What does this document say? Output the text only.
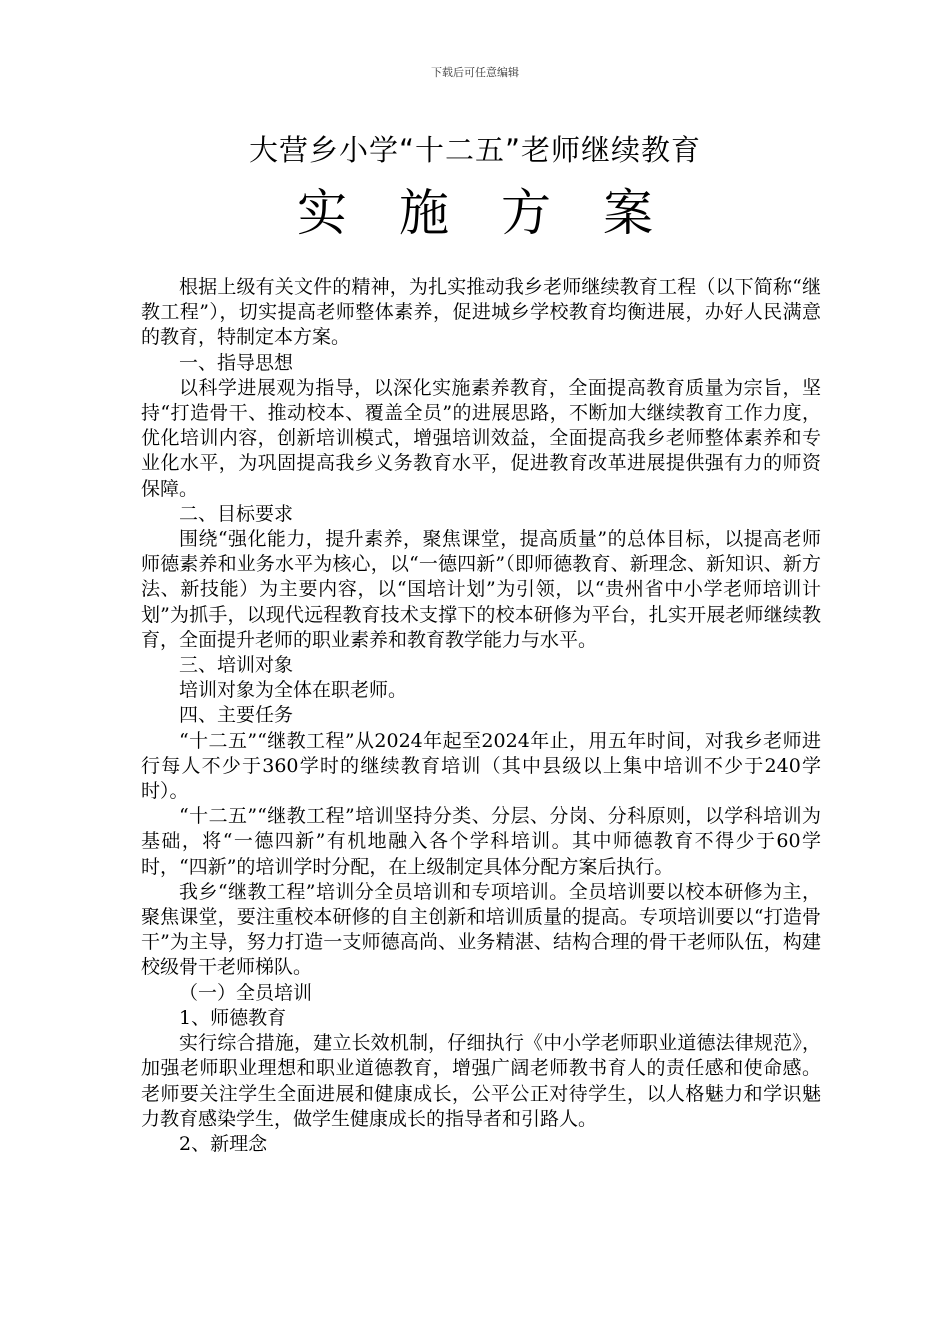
下载后可任意编辑
大营乡小学“十二五”老师继续教育
实施方案

根据上级有关文件的精神，为扎实推动我乡老师继续教育工程（以下简称“继教工程”），切实提高老师整体素养，促进城乡学校教育均衡进展，办好人民满意的教育，特制定本方案。

一、指导思想

以科学进展观为指导，以深化实施素养教育，全面提高教育质量为宗旨，坚持“打造骨干、推动校本、覆盖全员”的进展思路，不断加大继续教育工作力度，优化培训内容，创新培训模式，增强培训效益，全面提高我乡老师整体素养和专业化水平，为巩固提高我乡义务教育水平，促进教育改革进展提供强有力的师资保障。

二、目标要求

围绕“强化能力，提升素养，聚焦课堂，提高质量”的总体目标，以提高老师师德素养和业务水平为核心，以“一德四新”（即师德教育、新理念、新知识、新方法、新技能）为主要内容，以“国培计划”为引领，以“贵州省中小学老师培训计划”为抓手，以现代远程教育技术支撑下的校本研修为平台，扎实开展老师继续教育，全面提升老师的职业素养和教育教学能力与水平。

三、培训对象

培训对象为全体在职老师。

四、主要任务

“十二五”“继教工程”从2024年起至2024年止，用五年时间，对我乡老师进行每人不少于360学时的继续教育培训（其中县级以上集中培训不少于240学时）。

“十二五”“继教工程”培训坚持分类、分层、分岗、分科原则，以学科培训为基础，将“一德四新”有机地融入各个学科培训。其中师德教育不得少于60学时，“四新”的培训学时分配，在上级制定具体分配方案后执行。

我乡“继教工程”培训分全员培训和专项培训。全员培训要以校本研修为主，聚焦课堂，要注重校本研修的自主创新和培训质量的提高。专项培训要以“打造骨干”为主导，努力打造一支师德高尚、业务精湛、结构合理的骨干老师队伍，构建校级骨干老师梯队。

（一）全员培训

1、师德教育

实行综合措施，建立长效机制，仔细执行《中小学老师职业道德法律规范》，加强老师职业理想和职业道德教育，增强广阔老师教书育人的责任感和使命感。老师要关注学生全面进展和健康成长，公平公正对待学生，以人格魅力和学识魅力教育感染学生，做学生健康成长的指导者和引路人。

2、新理念
